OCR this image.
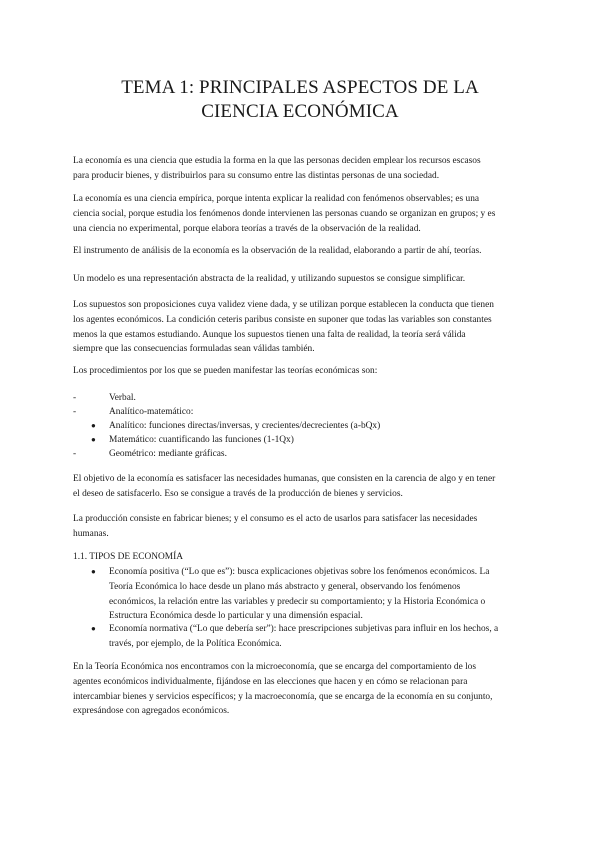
TEMA 1: PRINCIPALES ASPECTOS DE LA
CIENCIA ECONÓMICA
La economía es una ciencia que estudia la forma en la que las personas deciden emplear los recursos escasos
para producir bienes, y distribuirlos para su consumo entre las distintas personas de una sociedad.
La economía es una ciencia empírica, porque intenta explicar la realidad con fenómenos observables; es una
ciencia social, porque estudia los fenómenos donde intervienen las personas cuando se organizan en grupos; y es
una ciencia no experimental, porque elabora teorías a través de la observación de la realidad.
El instrumento de análisis de la economía es la observación de la realidad, elaborando a partir de ahí, teorías.
Un modelo es una representación abstracta de la realidad, y utilizando supuestos se consigue simplificar.
Los supuestos son proposiciones cuya validez viene dada, y se utilizan porque establecen la conducta que tienen
los agentes económicos. La condición ceteris paribus consiste en suponer que todas las variables son constantes
menos la que estamos estudiando. Aunque los supuestos tienen una falta de realidad, la teoría será válida
siempre que las consecuencias formuladas sean válidas también.
Los procedimientos por los que se pueden manifestar las teorías económicas son:
-	Verbal.
-	Analítico-matemático:
● Analítico: funciones directas/inversas, y crecientes/decrecientes (a-bQx)
● Matemático: cuantificando las funciones (1-1Qx)
-	Geométrico: mediante gráficas.
El objetivo de la economía es satisfacer las necesidades humanas, que consisten en la carencia de algo y en tener
el deseo de satisfacerlo. Eso se consigue a través de la producción de bienes y servicios.
La producción consiste en fabricar bienes; y el consumo es el acto de usarlos para satisfacer las necesidades
humanas.
1.1. TIPOS DE ECONOMÍA
● Economía positiva (“Lo que es”): busca explicaciones objetivas sobre los fenómenos económicos. La
Teoría Económica lo hace desde un plano más abstracto y general, observando los fenómenos
económicos, la relación entre las variables y predecir su comportamiento; y la Historia Económica o
Estructura Económica desde lo particular y una dimensión espacial.
● Economía normativa (“Lo que debería ser”): hace prescripciones subjetivas para influir en los hechos, a
través, por ejemplo, de la Política Económica.
En la Teoría Económica nos encontramos con la microeconomía, que se encarga del comportamiento de los
agentes económicos individualmente, fijándose en las elecciones que hacen y en cómo se relacionan para
intercambiar bienes y servicios específicos; y la macroeconomía, que se encarga de la economía en su conjunto,
expresándose con agregados económicos.
